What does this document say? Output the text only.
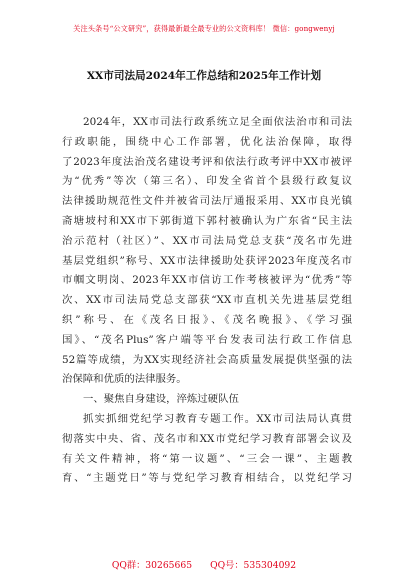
关注头条号“公文研究”，获得最新最全最专业的公文资料库！ 微信：gongwenyj
XX市司法局2024年工作总结和2025年工作计划
2024年，XX市司法行政系统立足全面依法治市和司法
行政职能，围绕中心工作部署，优化法治保障，取得
了2023年度法治茂名建设考评和依法行政考评中XX市被评
为“优秀”等次（第三名）、印发全省首个县级行政复议
法律援助规范性文件并被省司法厅通报采用、XX市良光镇
斋塘坡村和XX市下郭街道下郭村被确认为广东省“民主法
治示范村（社区）”、XX市司法局党总支获“茂名市先进
基层党组织”称号、XX市法律援助处获评2023年度茂名市
市帼文明岗、2023年XX市信访工作考核被评为“优秀”等
次、XX市司法局党总支部获“XX市直机关先进基层党组
织”称号、在《茂名日报》、《茂名晚报》、《学习强
国》、“茂名Plus”客户端等平台发表司法行政工作信息
52篇等成绩，为XX实现经济社会高质量发展提供坚强的法
治保障和优质的法律服务。
一、聚焦自身建设，淬炼过硬队伍
抓实抓细党纪学习教育专题工作。XX市司法局认真贯
彻落实中央、省、茂名市和XX市党纪学习教育部署会议及
有关文件精神，将“第一议题”、“三会一课”、主题教
育、“主题党日”等与党纪学习教育相结合，以党纪学习
QQ群：30265665 QQ号：535304092
